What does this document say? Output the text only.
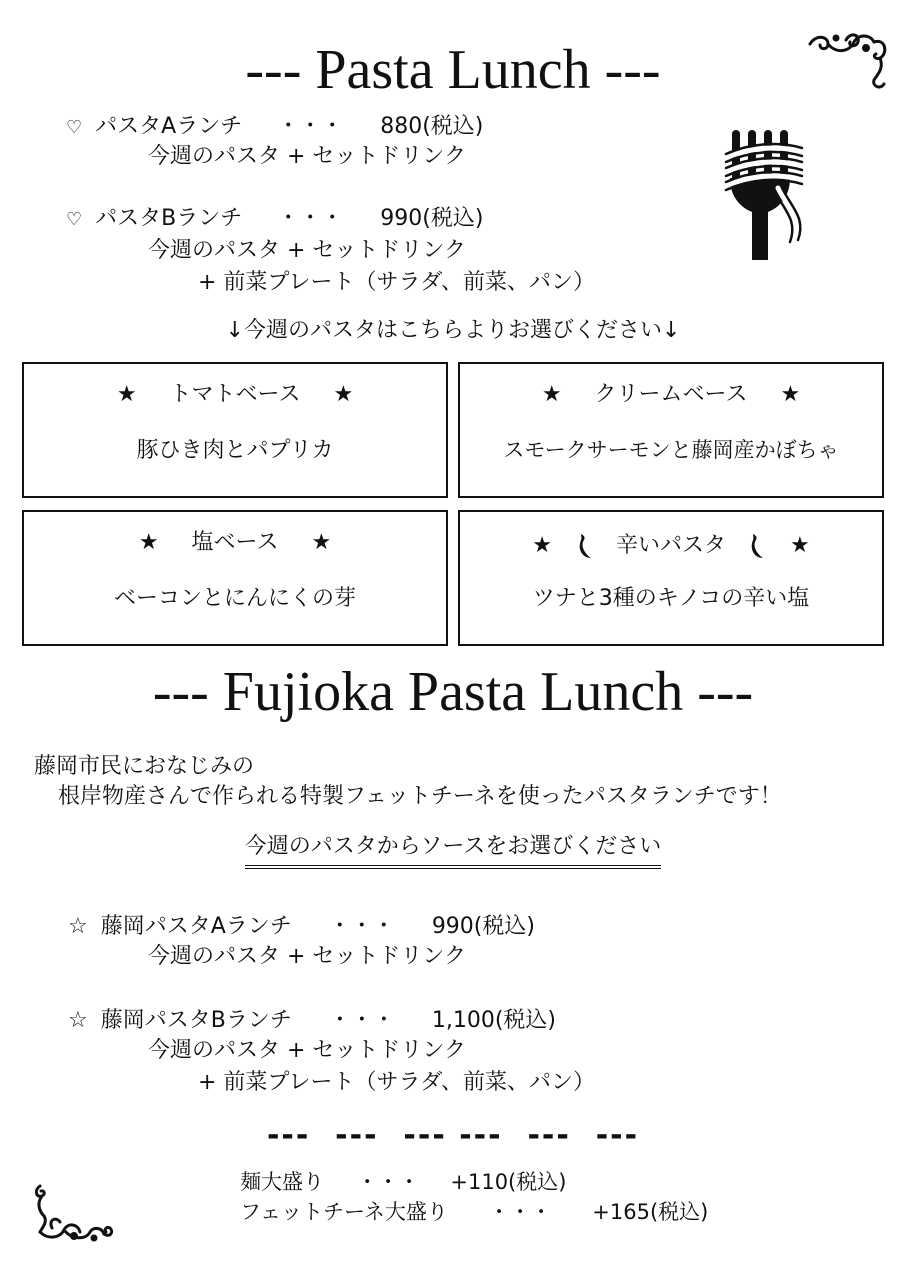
--- Pasta Lunch ---
♡ パスタAランチ ・・・ 880(税込)
今週のパスタ + セットドリンク
♡ パスタBランチ ・・・ 990(税込)
今週のパスタ + セットドリンク
+ 前菜プレート（サラダ、前菜、パン）
↓今週のパスタはこちらよりお選びください↓
★ トマトベース ★
豚ひき肉とパプリカ
★ クリームベース ★
スモークサーモンと藤岡産かぼちゃ
★ 塩ベース ★
ベーコンとにんにくの芽
★	辛いパスタ	★
ツナと3種のキノコの辛い塩
--- Fujioka Pasta Lunch ---
藤岡市民におなじみの
根岸物産さんで作られる特製フェットチーネを使ったパスタランチです！
今週のパスタからソースをお選びください
☆ 藤岡パスタAランチ ・・・ 990(税込)
今週のパスタ + セットドリンク
☆ 藤岡パスタBランチ ・・・ 1,100(税込)
今週のパスタ + セットドリンク
+ 前菜プレート（サラダ、前菜、パン）
---  ---  --- ---  ---  ---
麺大盛り ・・・ +110(税込)
フェットチーネ大盛り ・・・ +165(税込)
